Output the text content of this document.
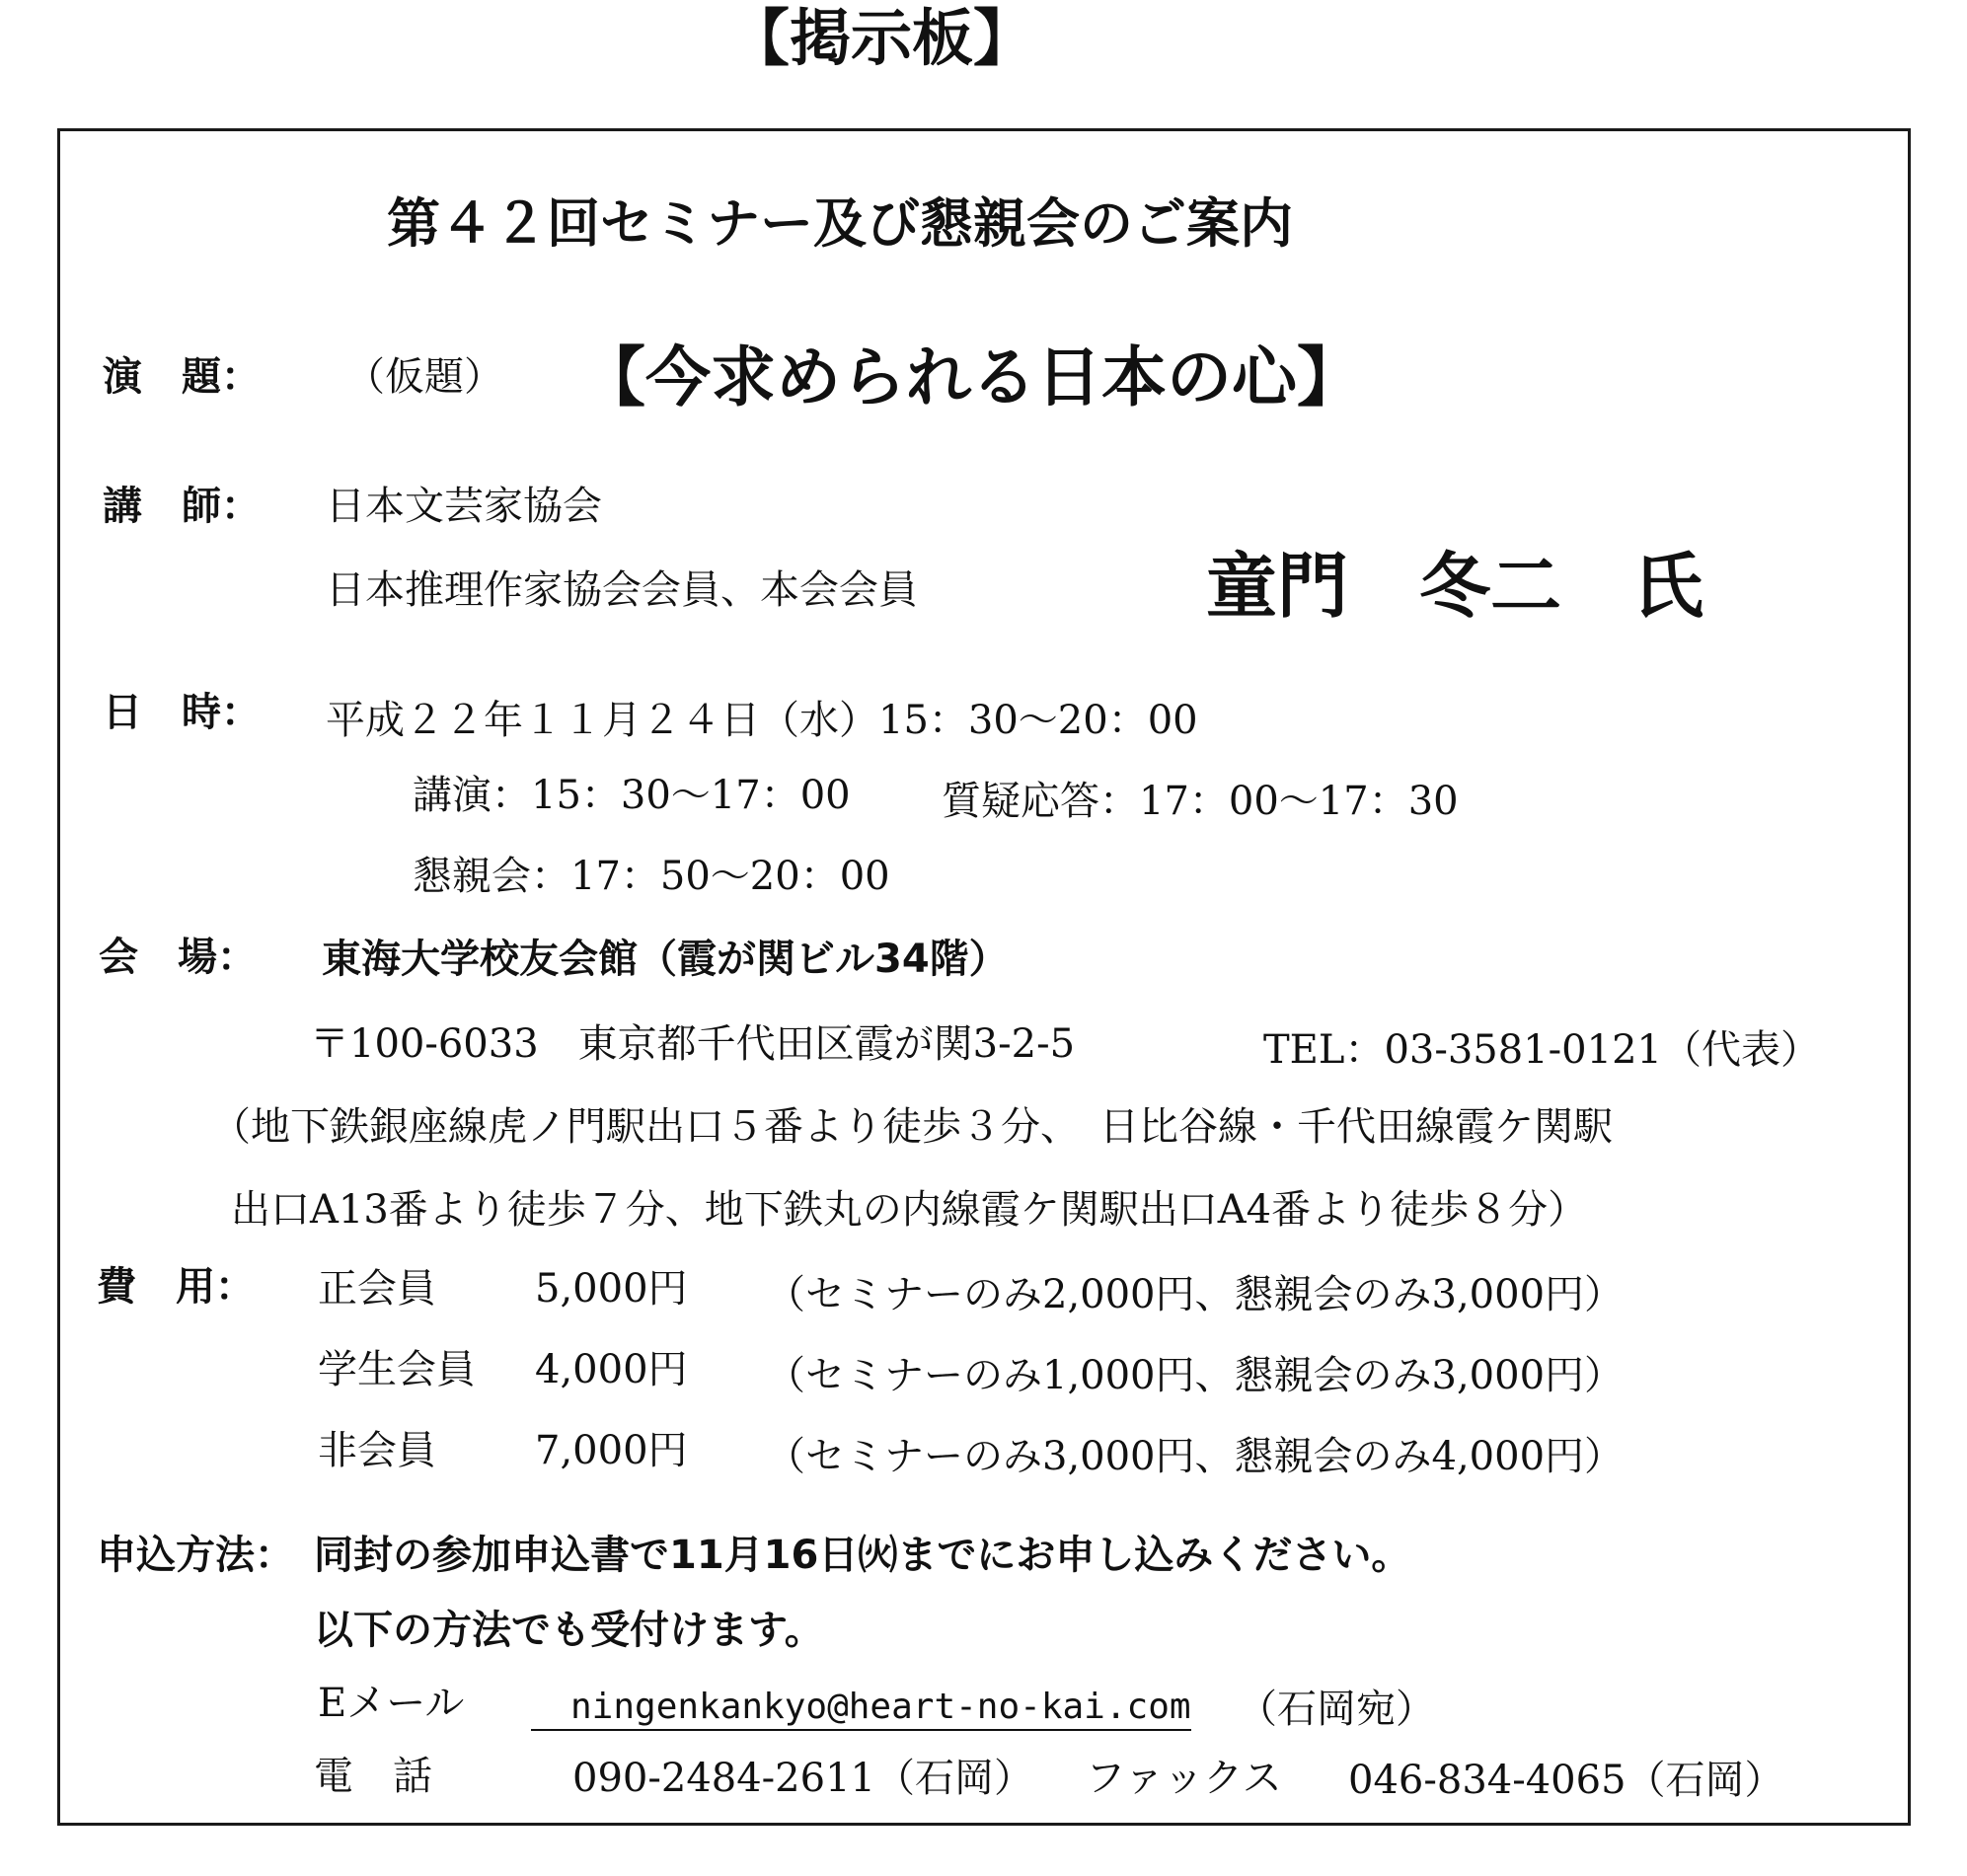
【掲示板】
第４２回セミナー及び懇親会のご案内
演　題： （仮題） 【今求められる日本の心】
講　師： 日本文芸家協会
日本推理作家協会会員、本会会員	童門　冬二　氏
日　時： 平成２２年１１月２４日（水）15：30〜20：00
講演：15：30〜17：00 質疑応答：17：00〜17：30
懇親会：17：50〜20：00
会　場： 東海大学校友会館（霞が関ビル34階）
〒100-6033　東京都千代田区霞が関3-2-5	TEL：03-3581-0121（代表）
（地下鉄銀座線虎ノ門駅出口５番より徒歩３分、　日比谷線・千代田線霞ケ関駅
出口A13番より徒歩７分、地下鉄丸の内線霞ケ関駅出口A4番より徒歩８分）
費　用： 正会員	5,000円 （セミナーのみ2,000円、懇親会のみ3,000円）
学生会員 4,000円 （セミナーのみ1,000円、懇親会のみ3,000円）
非会員	7,000円 （セミナーのみ3,000円、懇親会のみ4,000円）
申込方法： 同封の参加申込書で11月16日㈫までにお申し込みください。
以下の方法でも受付けます。
Eメール	ningenkankyo@heart-no-kai.com （石岡宛）
電　話	090-2484-2611（石岡） ファックス 046-834-4065（石岡）
